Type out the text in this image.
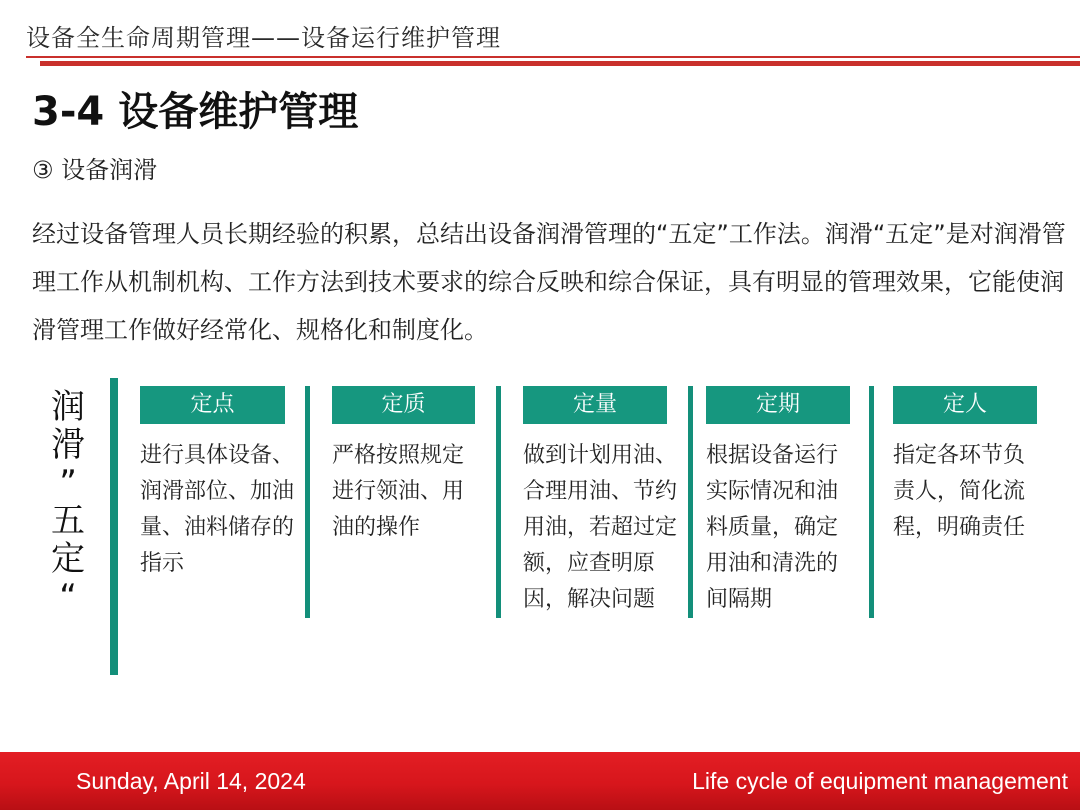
设备全生命周期管理——设备运行维护管理
3-4 设备维护管理
③ 设备润滑
经过设备管理人员长期经验的积累，总结出设备润滑管理的“五定”工作法。润滑“五定”是对润滑管理工作从机制机构、工作方法到技术要求的综合反映和综合保证，具有明显的管理效果，它能使润滑管理工作做好经常化、规格化和制度化。
润
滑
”
五
定
“
定点
进行具体设备、润滑部位、加油量、油料储存的指示
定质
严格按照规定进行领油、用油的操作
定量
做到计划用油、合理用油、节约用油，若超过定额，应查明原因，解决问题
定期
根据设备运行实际情况和油料质量，确定用油和清洗的间隔期
定人
指定各环节负责人，简化流程，明确责任
Sunday, April 14, 2024	Life cycle of equipment management
